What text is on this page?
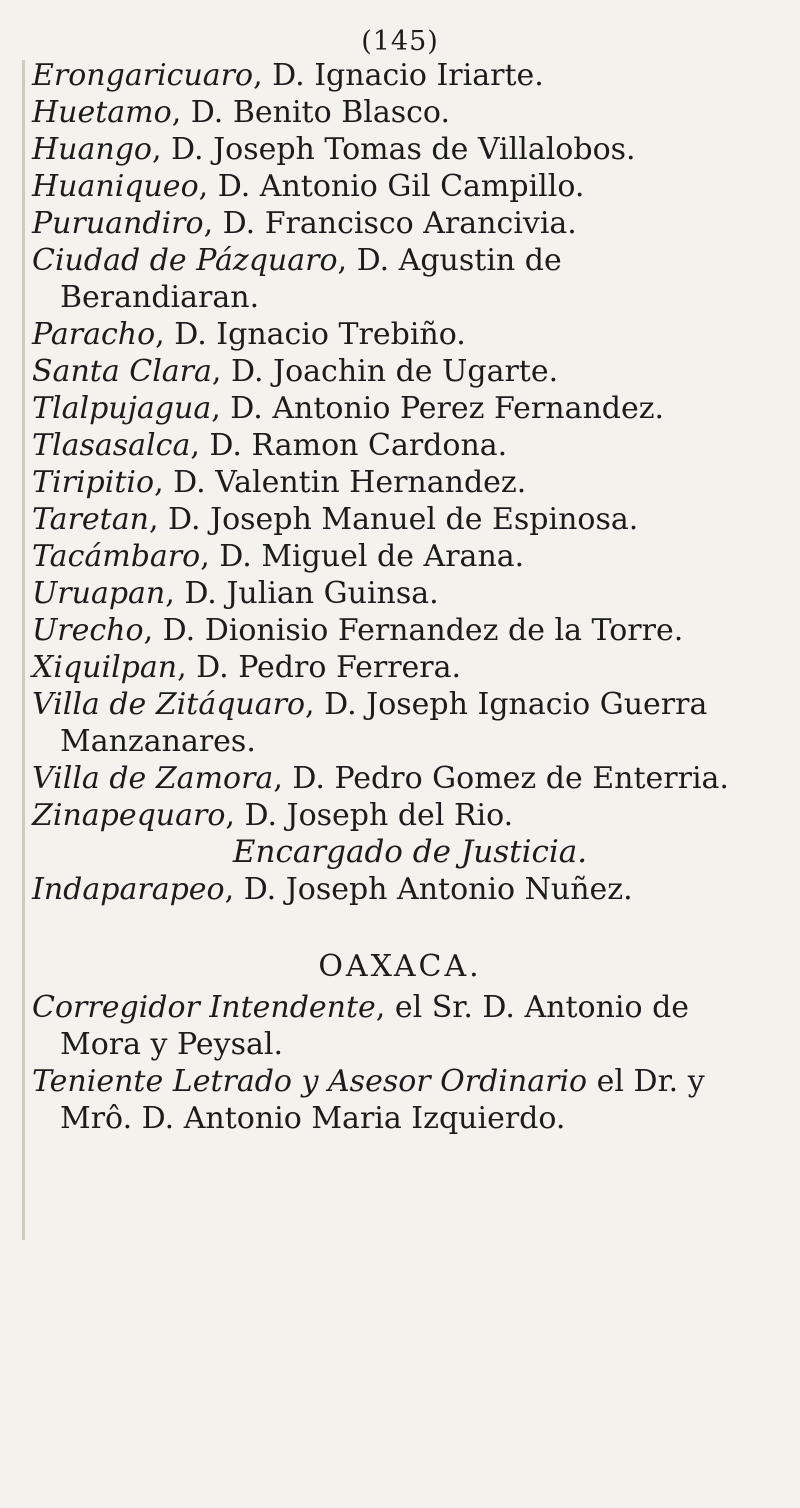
(145)
Erongaricuaro, D. Ignacio Iriarte.
Huetamo, D. Benito Blasco.
Huango, D. Joseph Tomas de Villalobos.
Huaniqueo, D. Antonio Gil Campillo.
Puruandiro, D. Francisco Arancivia.
Ciudad de Pázquaro, D. Agustin de Berandiaran.
Paracho, D. Ignacio Trebiño.
Santa Clara, D. Joachin de Ugarte.
Tlalpujagua, D. Antonio Perez Fernandez.
Tlasasalca, D. Ramon Cardona.
Tiripitio, D. Valentin Hernandez.
Taretan, D. Joseph Manuel de Espinosa.
Tacámbaro, D. Miguel de Arana.
Uruapan, D. Julian Guinsa.
Urecho, D. Dionisio Fernandez de la Torre.
Xiquilpan, D. Pedro Ferrera.
Villa de Zitáquaro, D. Joseph Ignacio Guerra Manzanares.
Villa de Zamora, D. Pedro Gomez de Enterria.
Zinapequaro, D. Joseph del Rio.
Encargado de Justicia.
Indaparapeo, D. Joseph Antonio Nuñez.
OAXACA.
Corregidor Intendente, el Sr. D. Antonio de Mora y Peysal.
Teniente Letrado y Asesor Ordinario el Dr. y Mrô. D. Antonio Maria Izquierdo.
